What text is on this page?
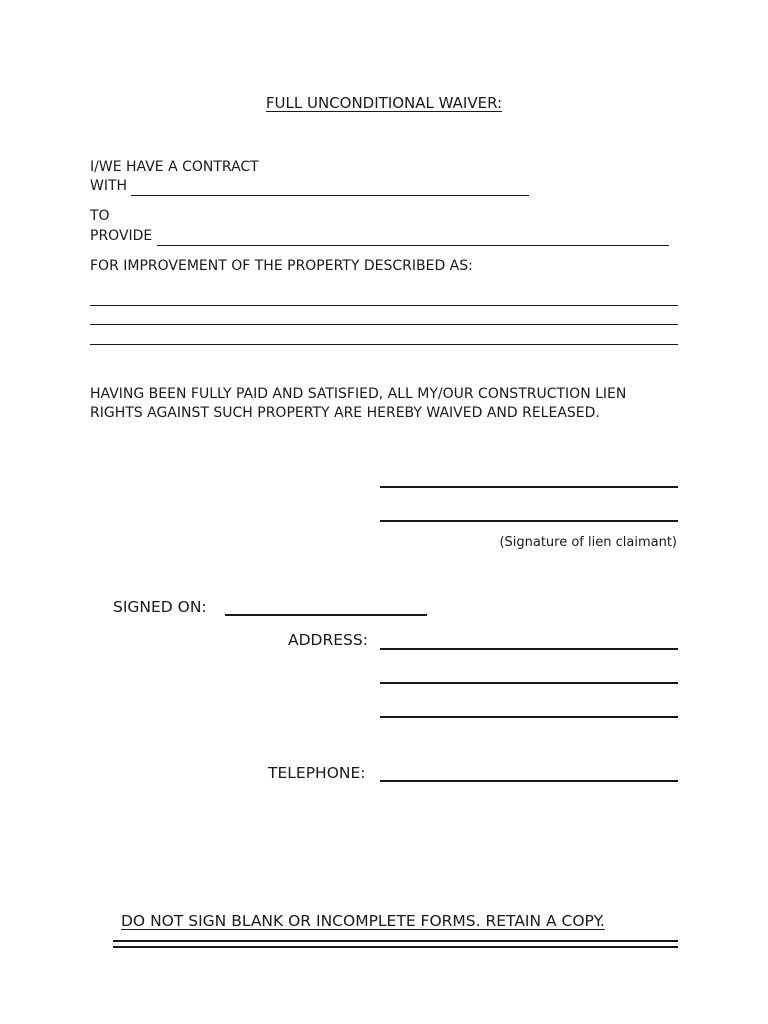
FULL UNCONDITIONAL WAIVER:
I/WE HAVE A CONTRACT
WITH
TO
PROVIDE
FOR IMPROVEMENT OF THE PROPERTY DESCRIBED AS:
HAVING BEEN FULLY PAID AND SATISFIED, ALL MY/OUR CONSTRUCTION LIEN
RIGHTS AGAINST SUCH PROPERTY ARE HEREBY WAIVED AND RELEASED.
(Signature of lien claimant)
SIGNED ON:
ADDRESS:
TELEPHONE:
DO NOT SIGN BLANK OR INCOMPLETE FORMS. RETAIN A COPY.
